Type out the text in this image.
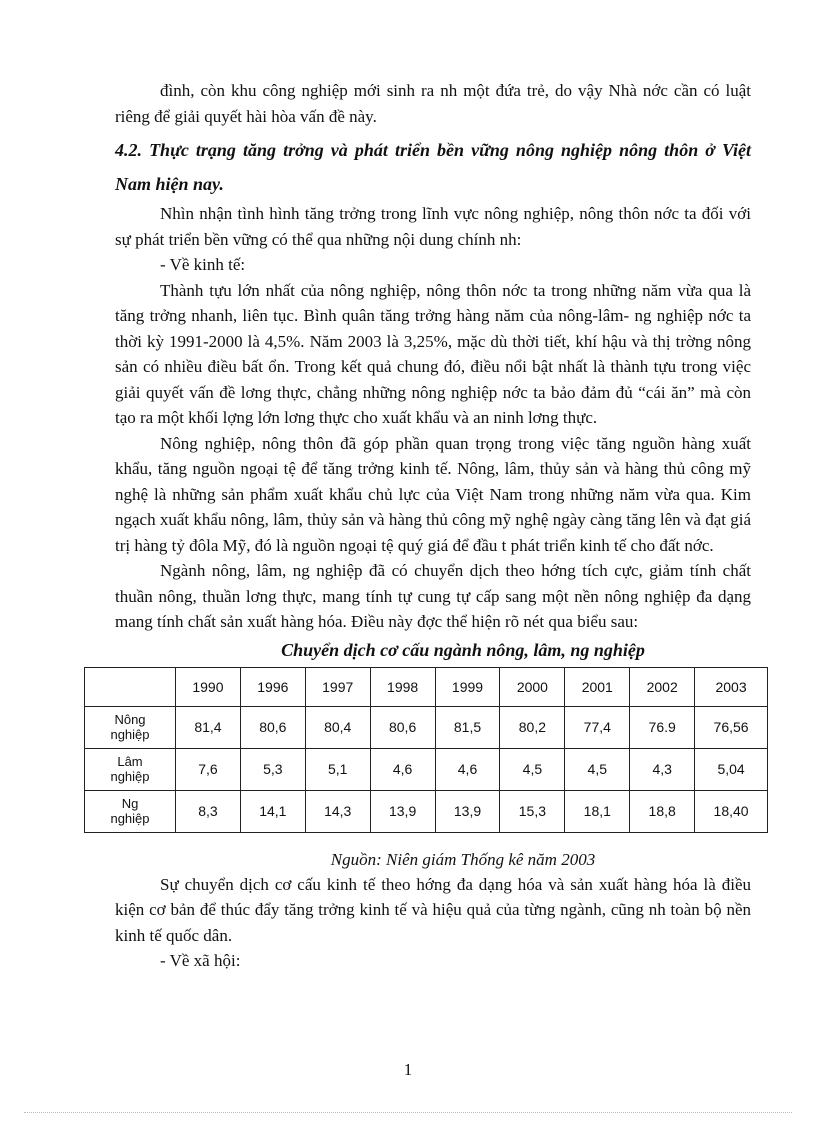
đình, còn khu công nghiệp mới sinh ra nh một đứa trẻ, do vậy Nhà nớc cần có luật riêng để giải quyết hài hòa vấn đề này.

4.2. Thực trạng tăng trởng và phát triển bền vững nông nghiệp nông thôn ở Việt Nam hiện nay.

Nhìn nhận tình hình tăng trởng trong lĩnh vực nông nghiệp, nông thôn nớc ta đối với sự phát triển bền vững có thể qua những nội dung chính nh:

- Về kinh tế:

Thành tựu lớn nhất của nông nghiệp, nông thôn nớc ta trong những năm vừa qua là tăng trởng nhanh, liên tục. Bình quân tăng trởng hàng năm của nông-lâm- ng nghiệp nớc ta thời kỳ 1991-2000 là 4,5%. Năm 2003 là 3,25%, mặc dù thời tiết, khí hậu và thị trờng nông sản có nhiều điều bất ổn. Trong kết quả chung đó, điều nổi bật nhất là thành tựu trong việc giải quyết vấn đề lơng thực, chẳng những nông nghiệp nớc ta bảo đảm đủ “cái ăn” mà còn tạo ra một khối lợng lớn lơng thực cho xuất khẩu và an ninh lơng thực.

Nông nghiệp, nông thôn đã góp phần quan trọng trong việc tăng nguồn hàng xuất khẩu, tăng nguồn ngoại tệ để tăng trởng kinh tế. Nông, lâm, thủy sản và hàng thủ công mỹ nghệ là những sản phẩm xuất khẩu chủ lực của Việt Nam trong những năm vừa qua. Kim ngạch xuất khẩu nông, lâm, thủy sản và hàng thủ công mỹ nghệ ngày càng tăng lên và đạt giá trị hàng tỷ đôla Mỹ, đó là nguồn ngoại tệ quý giá để đầu t phát triển kinh tế cho đất nớc.

Ngành nông, lâm, ng nghiệp đã có chuyển dịch theo hớng tích cực, giảm tính chất thuần nông, thuần lơng thực, mang tính tự cung tự cấp sang một nền nông nghiệp đa dạng mang tính chất sản xuất hàng hóa. Điều này đợc thể hiện rõ nét qua biểu sau:

Chuyển dịch cơ cấu ngành nông, lâm, ng nghiệp
	1990	1996	1997	1998	1999	2000	2001	2002	2003
Nông
nghiệp	81,4	80,6	80,4	80,6	81,5	80,2	77,4	76.9	76,56
Lâm
nghiệp	7,6	5,3	5,1	4,6	4,6	4,5	4,5	4,3	5,04
Ng
nghiệp	8,3	14,1	14,3	13,9	13,9	15,3	18,1	18,8	18,40
Nguồn: Niên giám Thống kê năm 2003

Sự chuyển dịch cơ cấu kinh tế theo hớng đa dạng hóa và sản xuất hàng hóa là điều kiện cơ bản để thúc đẩy tăng trởng kinh tế và hiệu quả của từng ngành, cũng nh toàn bộ nền kinh tế quốc dân.

- Về xã hội:

1
